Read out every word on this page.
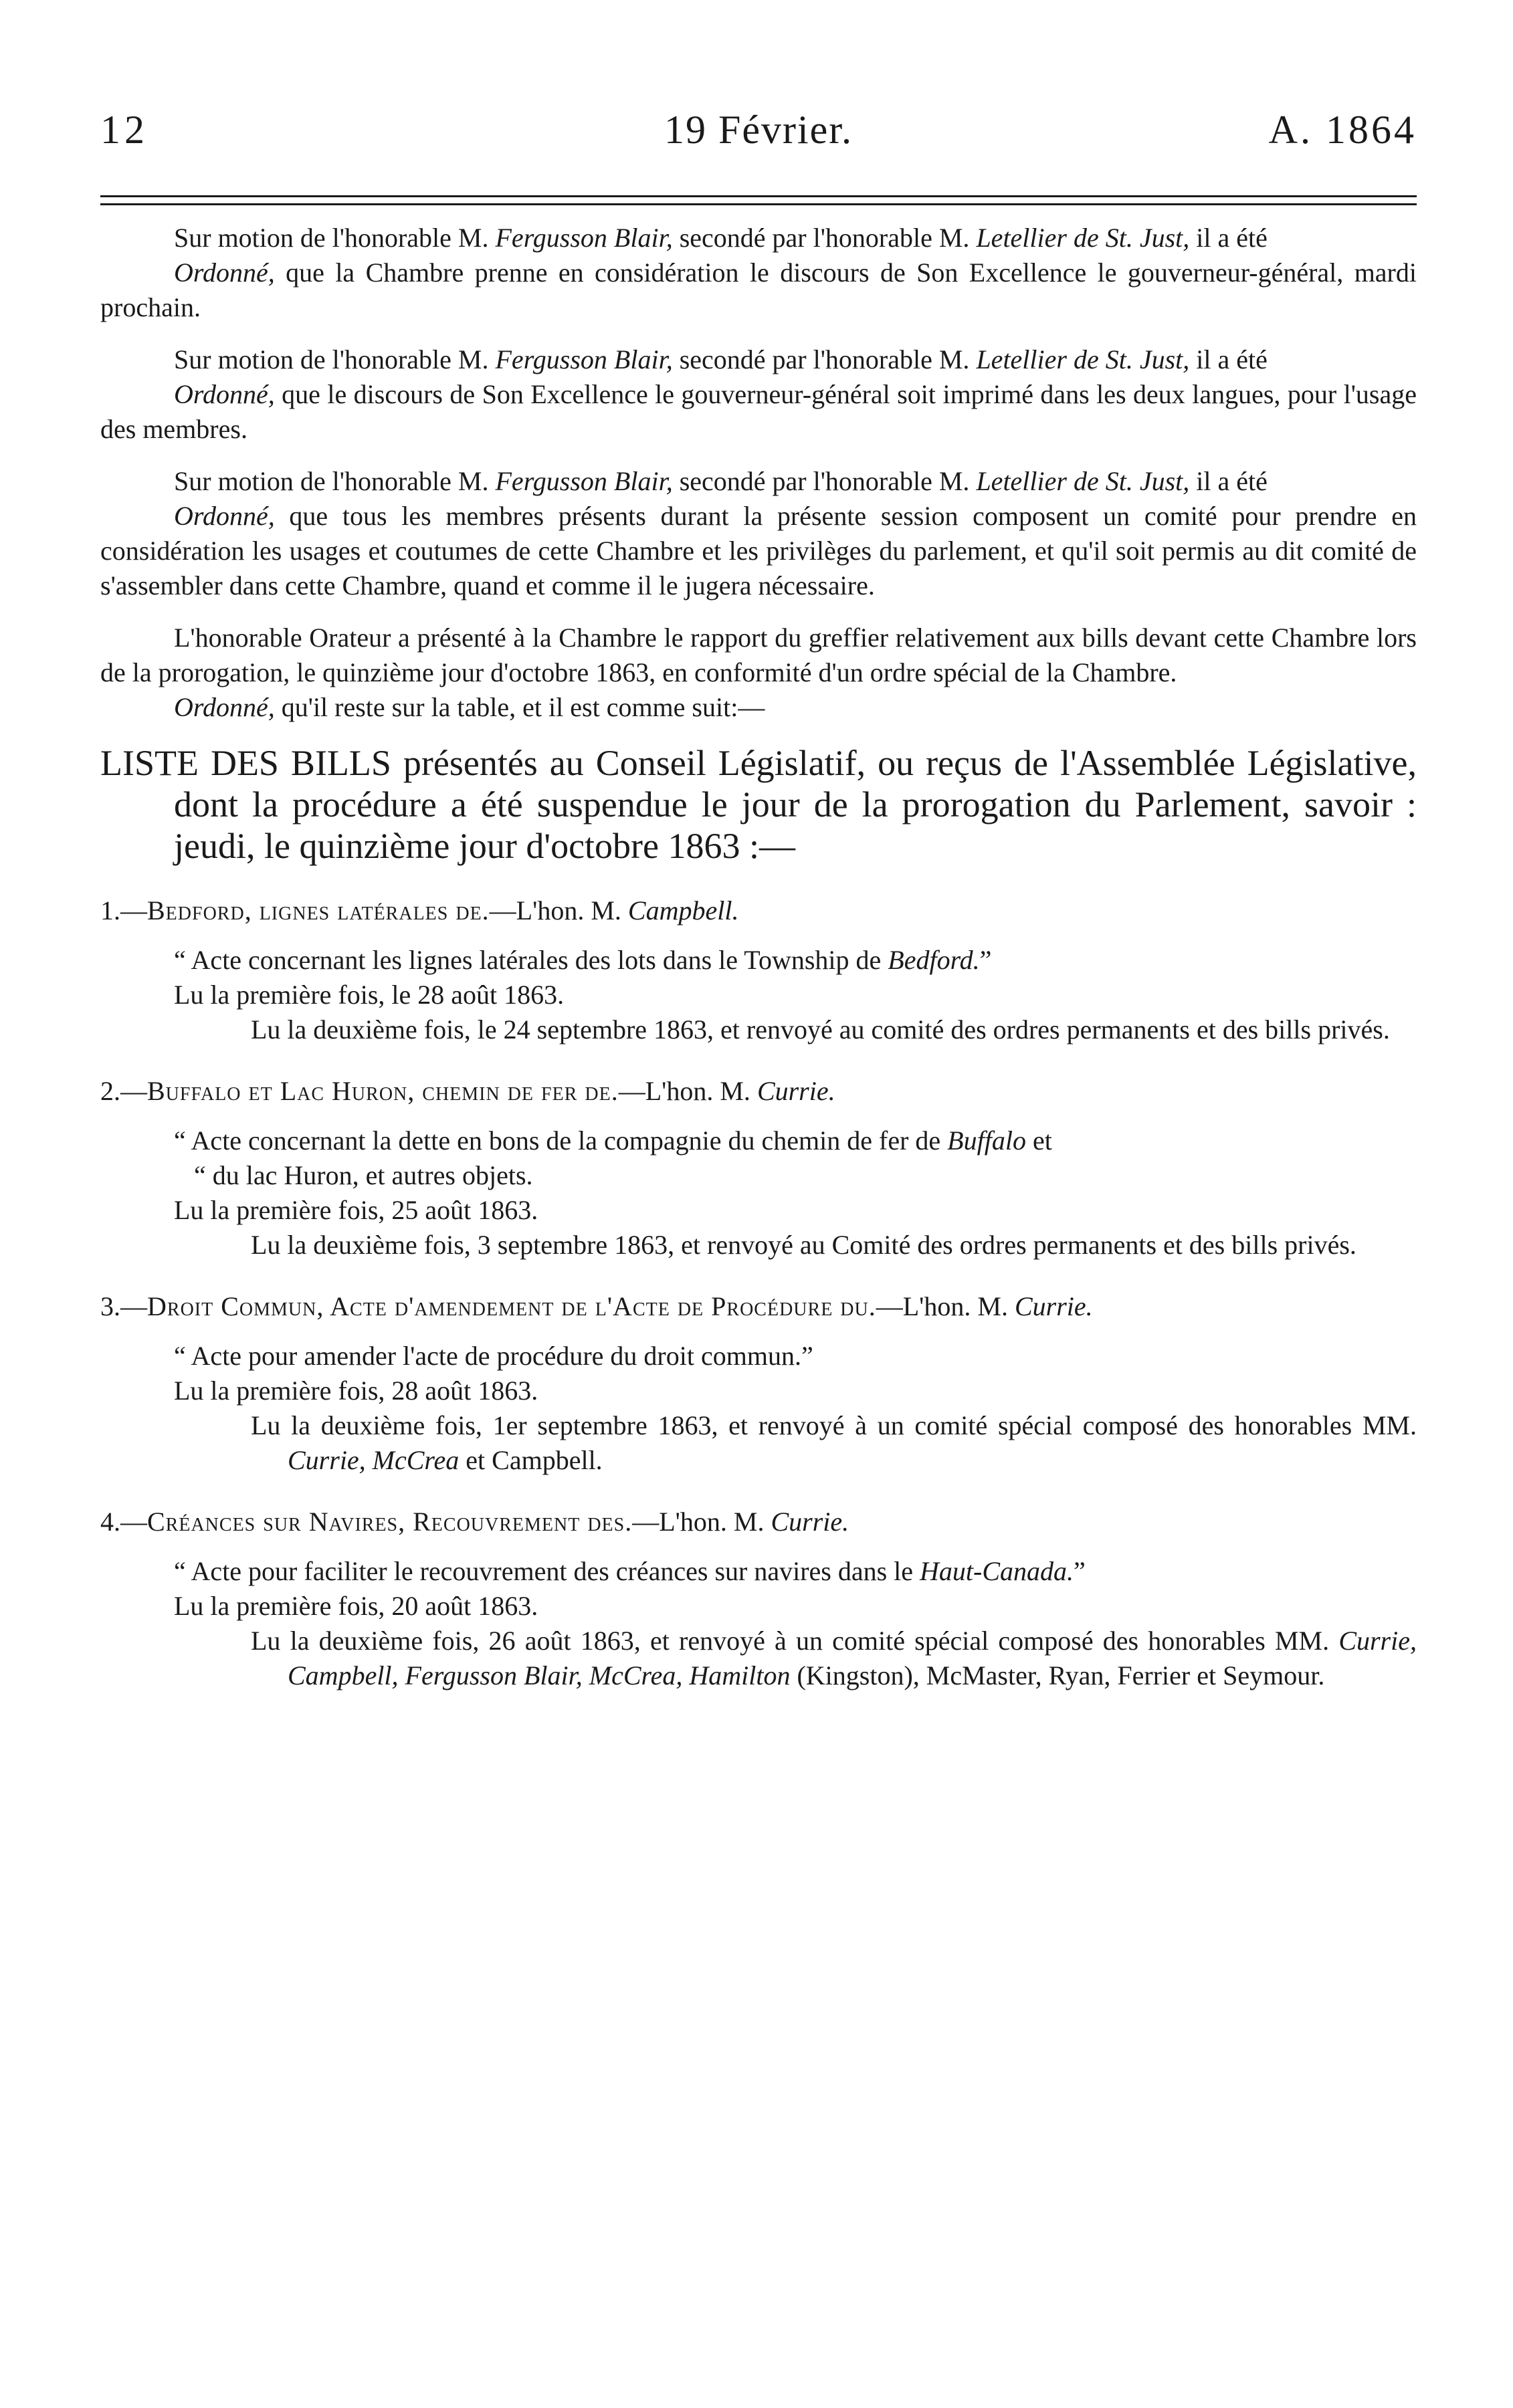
19 Février.
12	A. 1864

Sur motion de l'honorable M. Fergusson Blair, secondé par l'honorable M. Letellier de St. Just, il a été

Ordonné, que la Chambre prenne en considération le discours de Son Excellence le gouverneur-général, mardi prochain.

Sur motion de l'honorable M. Fergusson Blair, secondé par l'honorable M. Letellier de St. Just, il a été

Ordonné, que le discours de Son Excellence le gouverneur-général soit imprimé dans les deux langues, pour l'usage des membres.

Sur motion de l'honorable M. Fergusson Blair, secondé par l'honorable M. Letellier de St. Just, il a été

Ordonné, que tous les membres présents durant la présente session composent un comité pour prendre en considération les usages et coutumes de cette Chambre et les privilèges du parlement, et qu'il soit permis au dit comité de s'assembler dans cette Chambre, quand et comme il le jugera nécessaire.

L'honorable Orateur a présenté à la Chambre le rapport du greffier relativement aux bills devant cette Chambre lors de la prorogation, le quinzième jour d'octobre 1863, en conformité d'un ordre spécial de la Chambre.

Ordonné, qu'il reste sur la table, et il est comme suit:—

LISTE DES BILLS présentés au Conseil Législatif, ou reçus de l'Assemblée Législative, dont la procédure a été suspendue le jour de la prorogation du Parlement, savoir : jeudi, le quinzième jour d'octobre 1863 :—

1.—Bedford, lignes latérales de.—L'hon. M. Campbell.

“ Acte concernant les lignes latérales des lots dans le Township de Bedford.”

Lu la première fois, le 28 août 1863.

Lu la deuxième fois, le 24 septembre 1863, et renvoyé au comité des ordres permanents et des bills privés.

2.—Buffalo et Lac Huron, chemin de fer de.—L'hon. M. Currie.

“ Acte concernant la dette en bons de la compagnie du chemin de fer de Buffalo et

“ du lac Huron, et autres objets.

Lu la première fois, 25 août 1863.

Lu la deuxième fois, 3 septembre 1863, et renvoyé au Comité des ordres permanents et des bills privés.

3.—Droit Commun, Acte d'amendement de l'Acte de Procédure du.—L'hon. M. Currie.

“ Acte pour amender l'acte de procédure du droit commun.”

Lu la première fois, 28 août 1863.

Lu la deuxième fois, 1er septembre 1863, et renvoyé à un comité spécial composé des honorables MM. Currie, McCrea et Campbell.

4.—Créances sur Navires, Recouvrement des.—L'hon. M. Currie.

“ Acte pour faciliter le recouvrement des créances sur navires dans le Haut-Canada.”

Lu la première fois, 20 août 1863.

Lu la deuxième fois, 26 août 1863, et renvoyé à un comité spécial composé des honorables MM. Currie, Campbell, Fergusson Blair, McCrea, Hamilton (Kingston), McMaster, Ryan, Ferrier et Seymour.
